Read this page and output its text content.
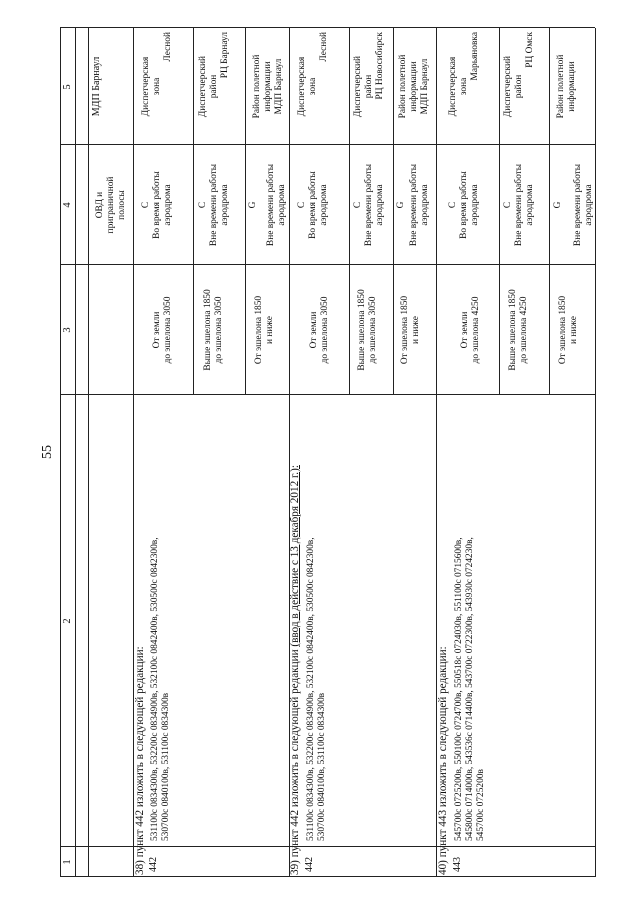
55
1
2
3
4
5
ОВД и приграничной полосы
МДП Барнаул
38) пункт 442 изложить в следующей редакции: 442
531100с 0834300в, 532200с 0834900в, 532100с 0842400в, 530500с 0842300в, 530700с 0840100в, 531100с 0834300в
От земли до эшелона 3050
C Во время работы аэродрома
Диспетчерская зона
Лесной
Выше эшелона 1850 до эшелона 3050
C Вне времени работы аэродрома
Диспетчерский район
РЦ Барнаул
От эшелона 1850 и ниже
G Вне времени работы аэродрома
Район полетной информации МДП Барнаул
39) пункт 442 изложить в следующей редакции (ввод в действие с 13 декабря 2012 г.):
442
531100с 0834300в, 532200с 0834900в, 532100с 0842400в, 530500с 0842300в, 530700с 0840100в, 531100с 0834300в
От земли до эшелона 3050
C Во время работы аэродрома
Диспетчерская зона
Лесной
Выше эшелона 1850 до эшелона 3050
C Вне времени работы аэродрома
Диспетчерский район РЦ Новосибирск
От эшелона 1850 и ниже
G Вне времени работы аэродрома
Район полетной информации МДП Барнаул
40) пункт 443 изложить в следующей редакции: 443
545700с 0725200в, 550100с 0724700в, 550518с 0724030в, 551100с 0715600в, 545800с 0714000в, 543536с 0714400в, 543700с 0722300в, 543930с 0724230в, 545700с 0725200в
От земли до эшелона 4250
C Во время работы аэродрома
Диспетчерская зона
Марьяновка
Выше эшелона 1850 до эшелона 4250
C Вне времени работы аэродрома
Диспетчерский район
РЦ Омск
От эшелона 1850 и ниже
G Вне времени работы аэродрома
Район полетной информации
